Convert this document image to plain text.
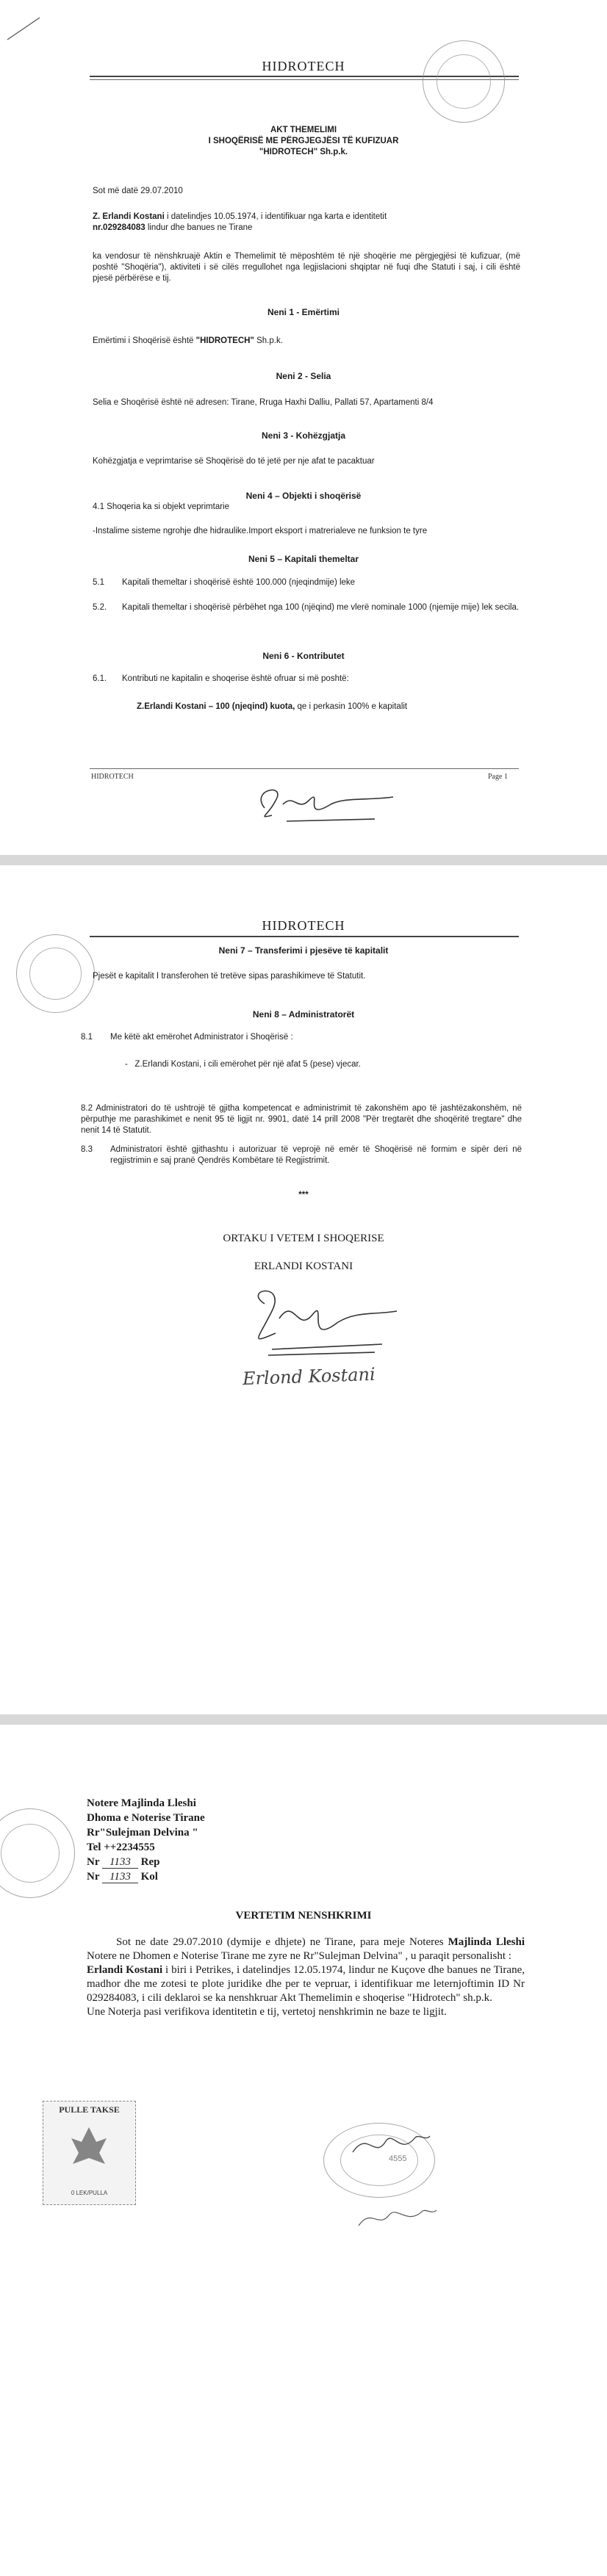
HIDROTECH
AKT THEMELIMI
I SHOQËRISË ME PËRGJEGJËSI TË KUFIZUAR
"HIDROTECH" Sh.p.k.
Sot më datë 29.07.2010
Z. Erlandi Kostani i datelindjes 10.05.1974, i identifikuar nga karta e identitetit
nr.029284083 lindur dhe banues ne Tirane
ka vendosur të nënshkruajë Aktin e Themelimit të mëposhtëm të një shoqërie me përgjegjësi të kufizuar, (më poshtë "Shoqëria"), aktiviteti i së cilës rregullohet nga legjislacioni shqiptar në fuqi dhe Statuti i saj, i cili është pjesë përbërëse e tij.
Neni 1 - Emërtimi
Emërtimi i Shoqërisë është "HIDROTECH" Sh.p.k.
Neni 2 - Selia
Selia e Shoqërisë është në adresen: Tirane, Rruga Haxhi Dalliu, Pallati 57, Apartamenti 8/4
Neni 3 - Kohëzgjatja
Kohëzgjatja e veprimtarise së Shoqërisë do të jetë per nje afat te pacaktuar
Neni 4 – Objekti i shoqërisë
4.1 Shoqeria ka si objekt veprimtarie
-Instalime sisteme ngrohje dhe hidraulike.Import eksport i matrerialeve ne funksion te tyre
Neni 5 – Kapitali themeltar
5.1 Kapitali themeltar i shoqërisë është 100.000 (njeqindmije) leke
5.2.	Kapitali themeltar i shoqërisë përbëhet nga 100 (njëqind) me vlerë nominale 1000 (njemije mije) lek secila.
Neni 6 - Kontributet
6.1. Kontributi ne kapitalin e shoqerise është ofruar si më poshtë:
Z.Erlandi Kostani – 100 (njeqind) kuota, qe i perkasin 100% e kapitalit
HIDROTECH	Page 1
HIDROTECH
Neni 7 – Transferimi i pjesëve të kapitalit
Pjesët e kapitalit I transferohen të tretëve sipas parashikimeve të Statutit.
Neni 8 – Administratorët
8.1 Me këtë akt emërohet Administrator i Shoqërisë :
-   Z.Erlandi Kostani, i cili emërohet për një afat 5 (pese) vjecar.
8.2 Administratori do të ushtrojë të gjitha kompetencat e administrimit të zakonshëm apo të jashtëzakonshëm, në përputhje me parashikimet e nenit 95 të ligjit nr. 9901, datë 14 prill 2008 "Për tregtarët dhe shoqëritë tregtare" dhe nenit 14 të Statutit.
8.3	Administratori është gjithashtu i autorizuar të veprojë në emër të Shoqërisë në formim e sipër deri në regjistrimin e saj pranë Qendrës Kombëtare të Regjistrimit.
***
ORTAKU I VETEM I SHOQERISE
ERLANDI KOSTANI
Erlond Kostani
Notere Majlinda Lleshi
Dhoma e Noterise Tirane
Rr"Sulejman Delvina "
Tel ++2234555
Nr 1133 Rep
Nr 1133 Kol
VERTETIM NENSHKRIMI
Sot ne date 29.07.2010 (dymije e dhjete) ne Tirane, para meje Noteres Majlinda Lleshi Notere ne Dhomen e Noterise Tirane me zyre ne Rr"Sulejman Delvina" , u paraqit personalisht :
Erlandi Kostani i biri i Petrikes, i datelindjes 12.05.1974, lindur ne Kuçove dhe banues ne Tirane, madhor dhe me zotesi te plote juridike dhe per te vepruar, i identifikuar me leternjoftimin ID Nr 029284083, i cili deklaroi se ka nenshkruar Akt Themelimin e shoqerise "Hidrotech" sh.p.k.
Une Noterja pasi verifikova identitetin e tij, vertetoj nenshkrimin ne baze te ligjit.
PULLE TAKSE
0 LEK/PULLA
4555
